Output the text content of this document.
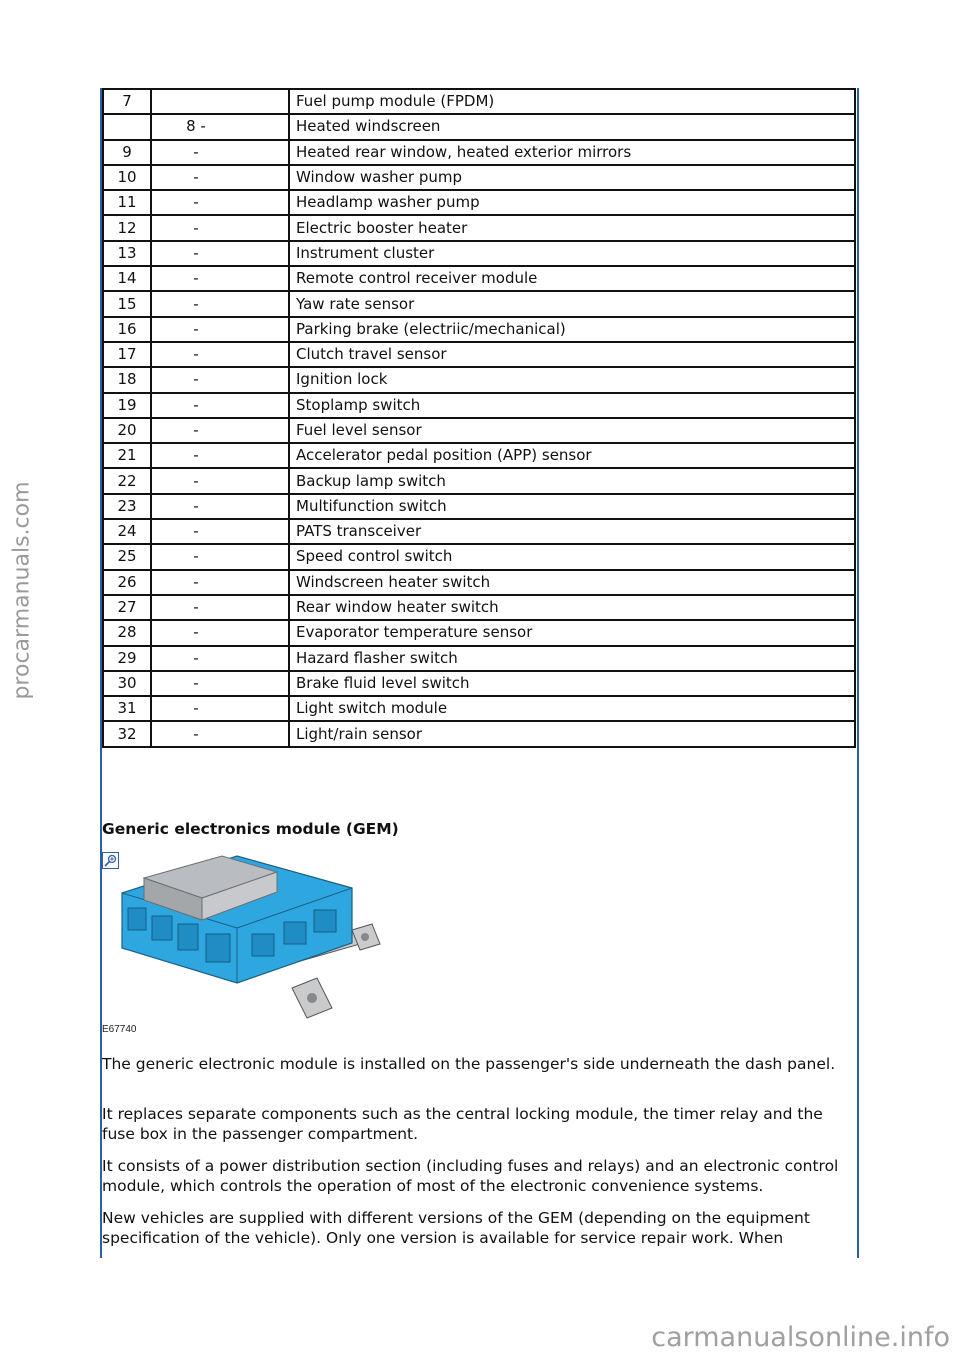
7		Fuel pump module (FPDM)
	8 -	Heated windscreen
9	-	Heated rear window, heated exterior mirrors
10	-	Window washer pump
11	-	Headlamp washer pump
12	-	Electric booster heater
13	-	Instrument cluster
14	-	Remote control receiver module
15	-	Yaw rate sensor
16	-	Parking brake (electriic/mechanical)
17	-	Clutch travel sensor
18	-	Ignition lock
19	-	Stoplamp switch
20	-	Fuel level sensor
21	-	Accelerator pedal position (APP) sensor
22	-	Backup lamp switch
23	-	Multifunction switch
24	-	PATS transceiver
25	-	Speed control switch
26	-	Windscreen heater switch
27	-	Rear window heater switch
28	-	Evaporator temperature sensor
29	-	Hazard flasher switch
30	-	Brake fluid level switch
31	-	Light switch module
32	-	Light/rain sensor
Generic electronics module (GEM)
E67740

The generic electronic module is installed on the passenger's side underneath the dash panel.

It replaces separate components such as the central locking module, the timer relay and the fuse box in the passenger compartment.

It consists of a power distribution section (including fuses and relays) and an electronic control module, which controls the operation of most of the electronic convenience systems.

New vehicles are supplied with different versions of the GEM (depending on the equipment specification of the vehicle). Only one version is available for service repair work. When

procarmanuals.com
carmanualsonline.info
